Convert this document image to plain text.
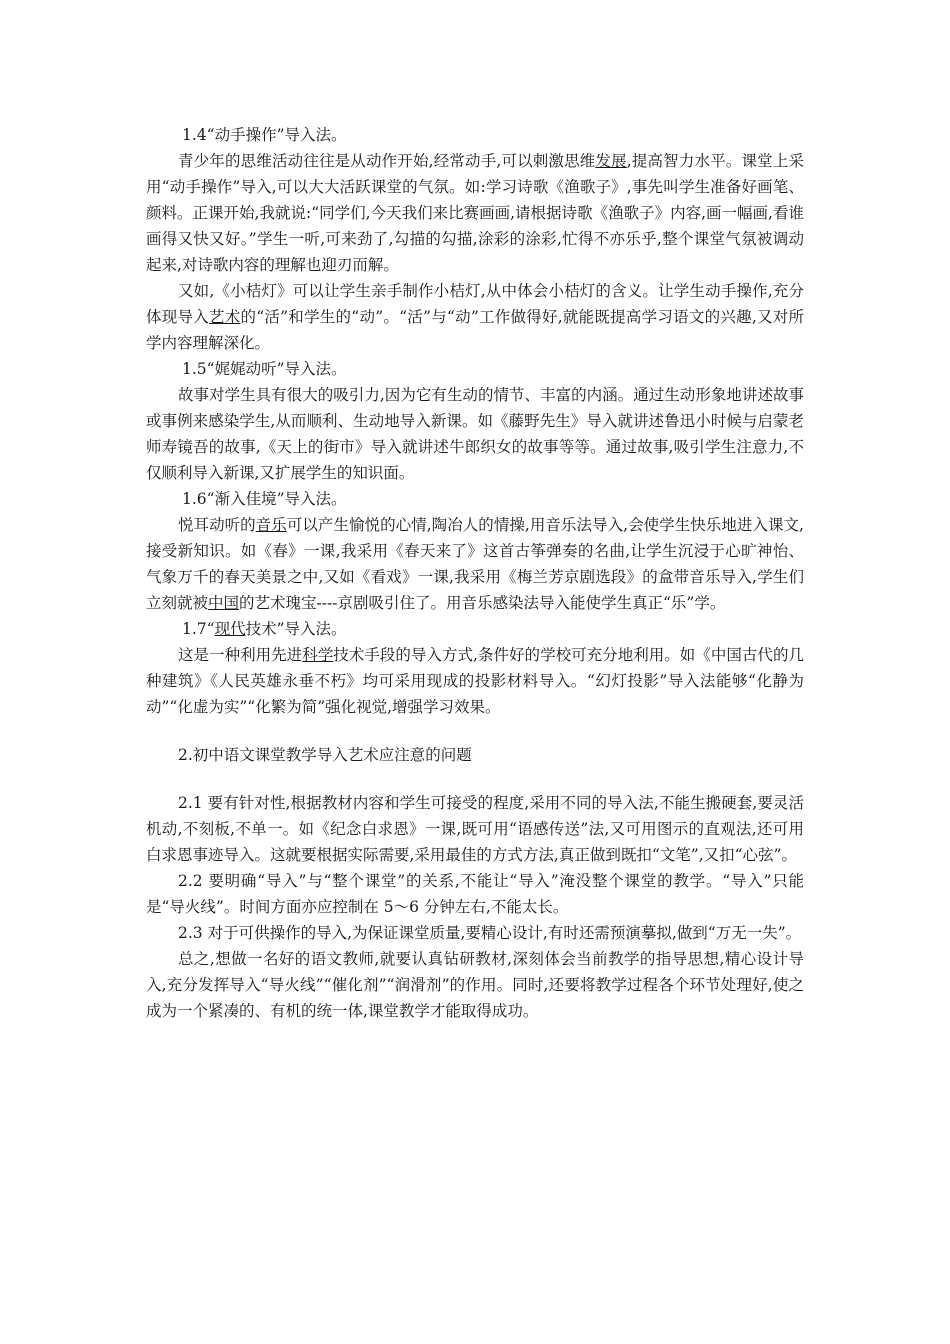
1.4“动手操作”导入法。

青少年的思维活动往往是从动作开始,经常动手,可以刺激思维发展,提高智力水平。课堂上采用“动手操作”导入,可以大大活跃课堂的气氛。如:学习诗歌《渔歌子》,事先叫学生准备好画笔、颜料。正课开始,我就说:“同学们,今天我们来比赛画画,请根据诗歌《渔歌子》内容,画一幅画,看谁画得又快又好。”学生一听,可来劲了,勾描的勾描,涂彩的涂彩,忙得不亦乐乎,整个课堂气氛被调动起来,对诗歌内容的理解也迎刃而解。

又如,《小桔灯》可以让学生亲手制作小桔灯,从中体会小桔灯的含义。让学生动手操作,充分体现导入艺术的“活”和学生的“动”。“活”与“动”工作做得好,就能既提高学习语文的兴趣,又对所学内容理解深化。

1.5“娓娓动听”导入法。

故事对学生具有很大的吸引力,因为它有生动的情节、丰富的内涵。通过生动形象地讲述故事或事例来感染学生,从而顺利、生动地导入新课。如《藤野先生》导入就讲述鲁迅小时候与启蒙老师寿镜吾的故事,《天上的街市》导入就讲述牛郎织女的故事等等。通过故事,吸引学生注意力,不仅顺利导入新课,又扩展学生的知识面。

1.6“渐入佳境”导入法。

悦耳动听的音乐可以产生愉悦的心情,陶冶人的情操,用音乐法导入,会使学生快乐地进入课文,接受新知识。如《春》一课,我采用《春天来了》这首古筝弹奏的名曲,让学生沉浸于心旷神怡、气象万千的春天美景之中,又如《看戏》一课,我采用《梅兰芳京剧选段》的盒带音乐导入,学生们立刻就被中国的艺术瑰宝----京剧吸引住了。用音乐感染法导入能使学生真正“乐”学。

1.7“现代技术”导入法。

这是一种利用先进科学技术手段的导入方式,条件好的学校可充分地利用。如《中国古代的几种建筑》《人民英雄永垂不朽》均可采用现成的投影材料导入。“幻灯投影”导入法能够“化静为动”“化虚为实”“化繁为简”强化视觉,增强学习效果。

2.初中语文课堂教学导入艺术应注意的问题

2.1 要有针对性,根据教材内容和学生可接受的程度,采用不同的导入法,不能生搬硬套,要灵活机动,不刻板,不单一。如《纪念白求恩》一课,既可用“语感传送”法,又可用图示的直观法,还可用白求恩事迹导入。这就要根据实际需要,采用最佳的方式方法,真正做到既扣“文笔”,又扣“心弦”。

2.2 要明确“导入”与“整个课堂”的关系,不能让“导入”淹没整个课堂的教学。“导入”只能是“导火线”。时间方面亦应控制在 5～6 分钟左右,不能太长。

2.3 对于可供操作的导入,为保证课堂质量,要精心设计,有时还需预演摹拟,做到“万无一失”。

总之,想做一名好的语文教师,就要认真钻研教材,深刻体会当前教学的指导思想,精心设计导入,充分发挥导入“导火线”“催化剂”“润滑剂”的作用。同时,还要将教学过程各个环节处理好,使之成为一个紧凑的、有机的统一体,课堂教学才能取得成功。
